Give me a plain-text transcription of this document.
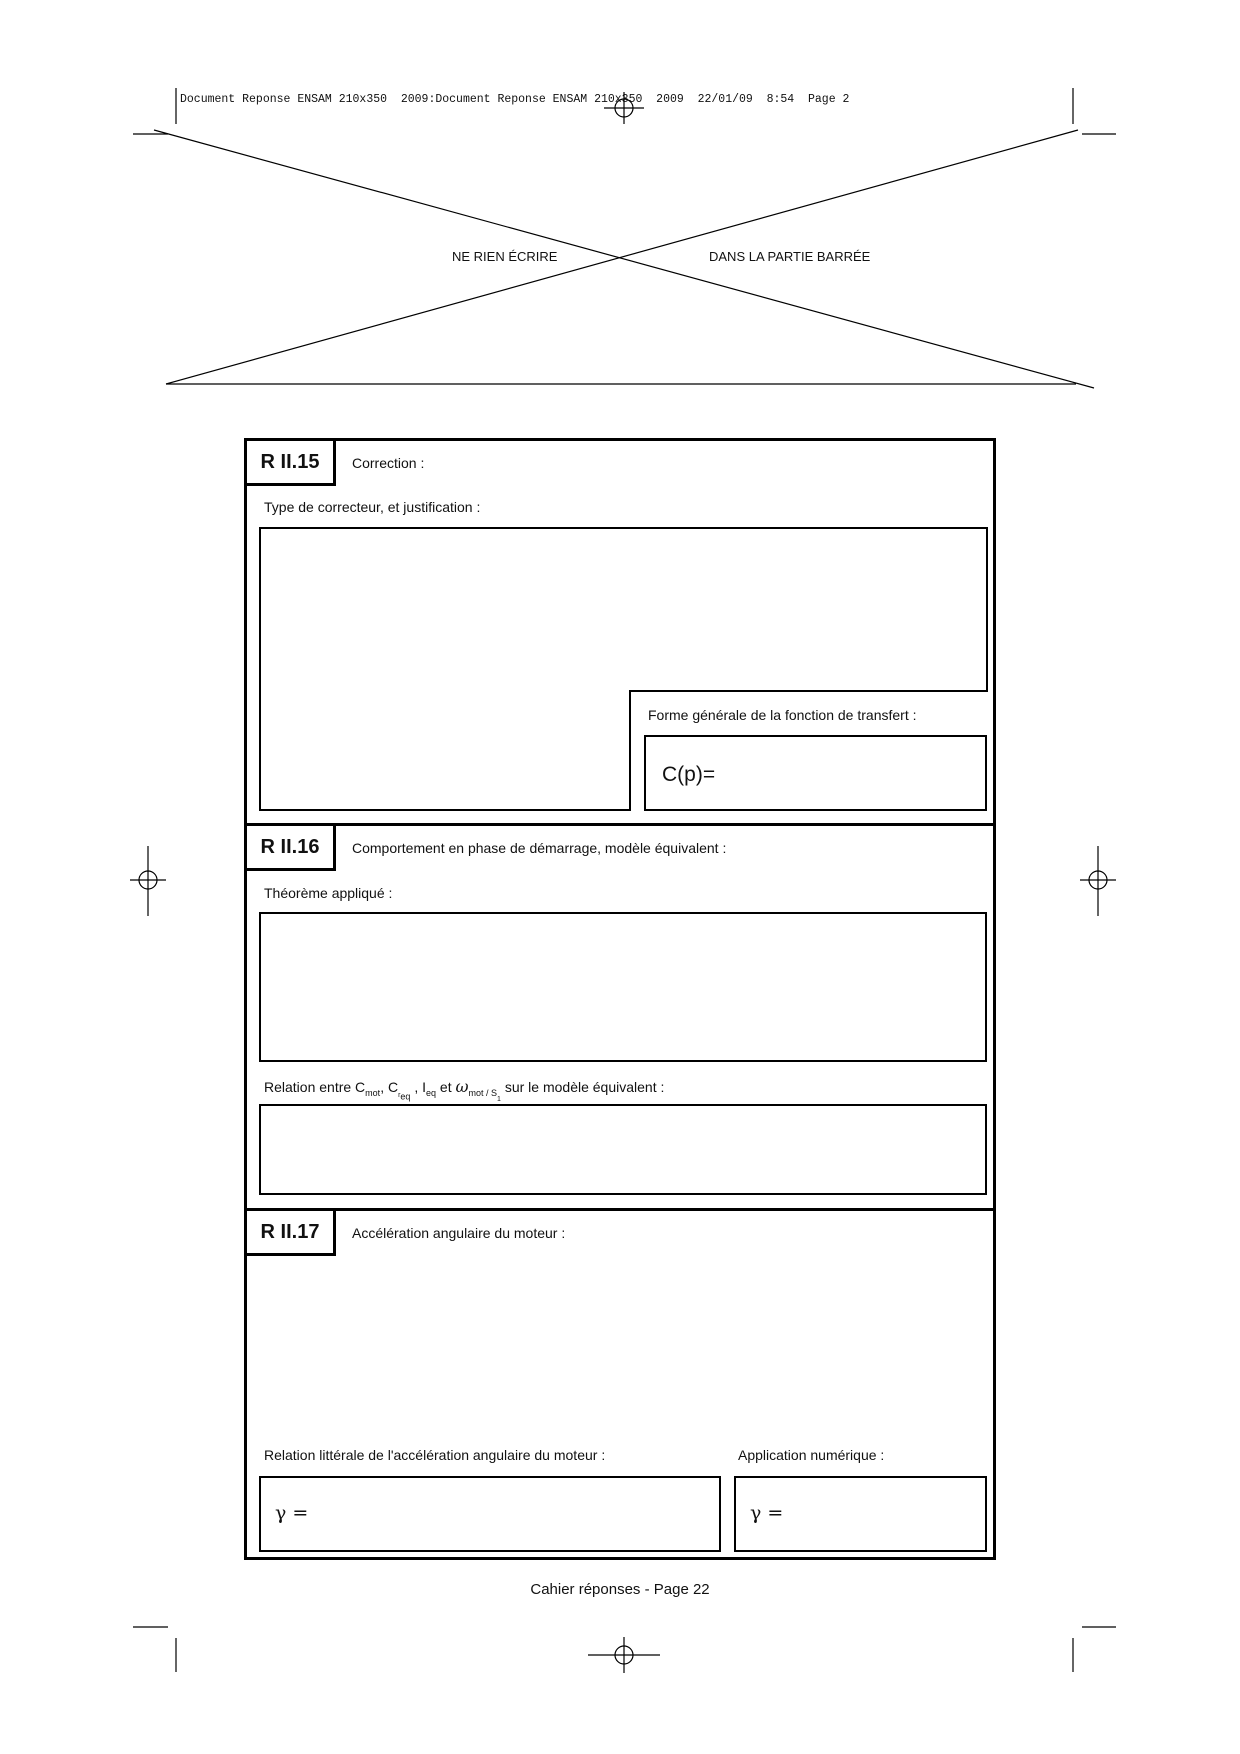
Document Reponse ENSAM 210x350  2009:Document Reponse ENSAM 210x350  2009  22/01/09  8:54  Page 2
NE RIEN ÉCRIRE	DANS LA PARTIE BARRÉE
R II.15	Correction :
Type de correcteur, et justification :
Forme générale de la fonction de transfert :
C(p)=
R II.16	Comportement en phase de démarrage, modèle équivalent :
Théorème appliqué :
Relation entre $C_{mot}$, $C_{r_{eq}}$ , $I_{eq}$ et $\omega_{mot / S_1}$ sur le modèle équivalent :
R II.17	Accélération angulaire du moteur :
Relation littérale de l'accélération angulaire du moteur :	Application numérique :
γ =	γ =
Cahier réponses - Page 22
